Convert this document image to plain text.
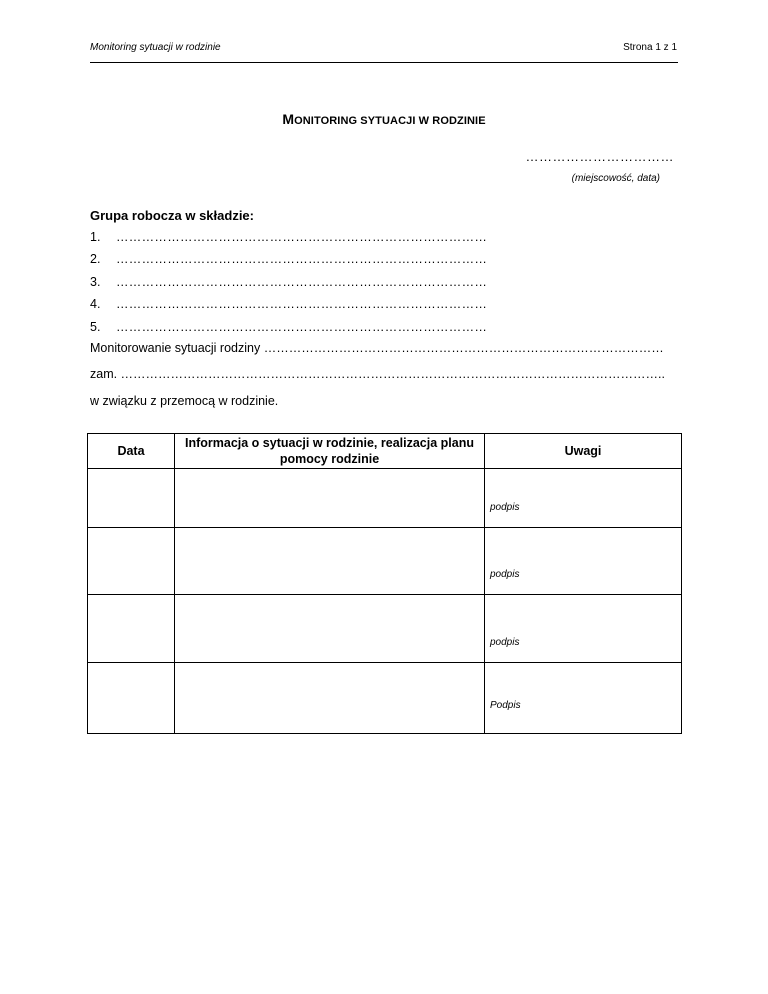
Monitoring sytuacji w rodzinie	Strona 1 z 1
MONITORING SYTUACJI W RODZINIE
……………………………
(miejscowość, data)
Grupa robocza w składzie:
1. ……………………………………………………………………………
2. ……………………………………………………………………………
3. ……………………………………………………………………………
4. ……………………………………………………………………………
5. ……………………………………………………………………………
Monitorowanie sytuacji rodziny ……………………………………………………………………………………
zam. …………………………………………………………………………………………………………………..
w związku z przemocą w rodzinie.
Data	Informacja o sytuacji w rodzinie, realizacja planu pomocy rodzinie	Uwagi

		podpis

		podpis

		podpis

		Podpis
